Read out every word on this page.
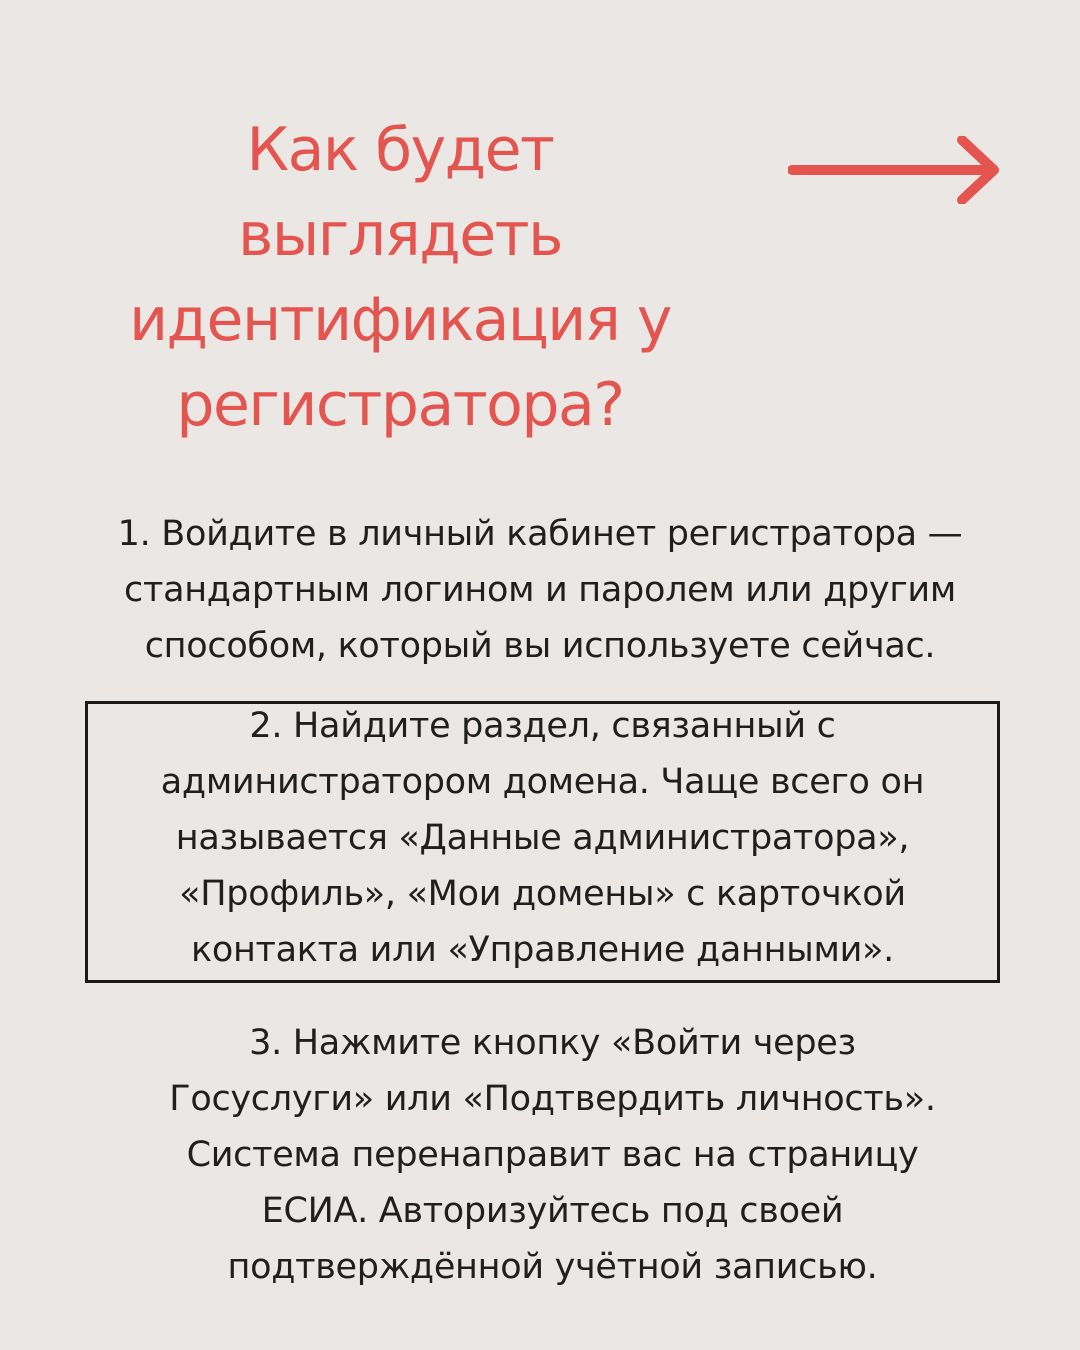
Как будет
выглядеть
идентификация у
регистратора?
1. Войдите в личный кабинет регистратора —
стандартным логином и паролем или другим
способом, который вы используете сейчас.
2. Найдите раздел, связанный с
администратором домена. Чаще всего он
называется «Данные администратора»,
«Профиль», «Мои домены» с карточкой
контакта или «Управление данными».
3. Нажмите кнопку «Войти через
Госуслуги» или «Подтвердить личность».
Система перенаправит вас на страницу
ЕСИА. Авторизуйтесь под своей
подтверждённой учётной записью.
